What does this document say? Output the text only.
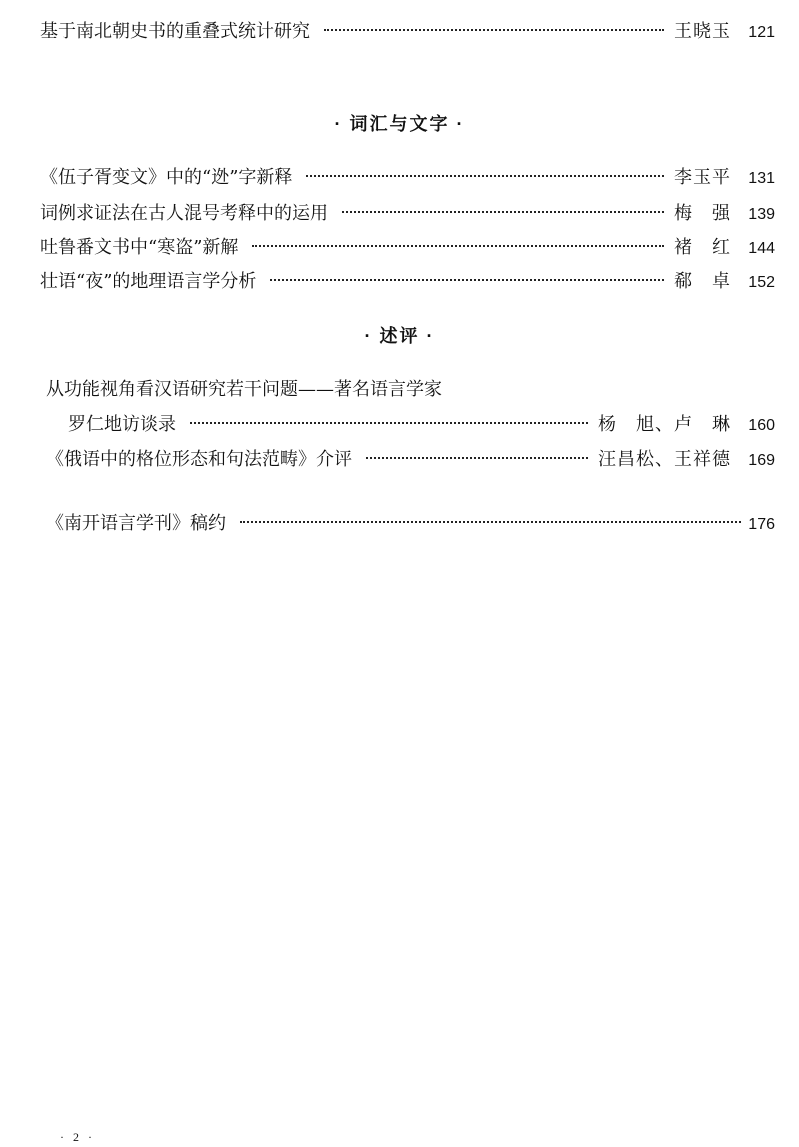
基于南北朝史书的重叠式统计研究	王晓玉	121
· 词汇与文字 ·
《伍子胥变文》中的“迯”字新释	李玉平	131
词例求证法在古人混号考释中的运用	梅　强	139
吐鲁番文书中“寒盗”新解	褚　红	144
壮语“夜”的地理语言学分析	郗　卓	152
· 述评 ·
从功能视角看汉语研究若干问题——著名语言学家
罗仁地访谈录	杨　旭、卢　琳	160
《俄语中的格位形态和句法范畴》介评	汪昌松、王祥德	169
《南开语言学刊》稿约	176
· 2 ·
